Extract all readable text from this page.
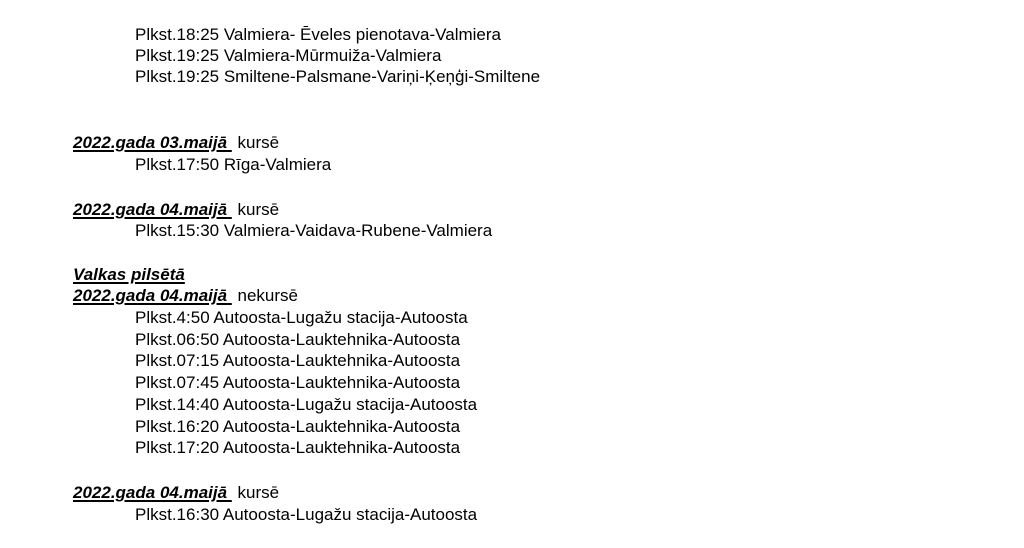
Plkst.18:25 Valmiera- Ēveles pienotava-Valmiera
Plkst.19:25 Valmiera-Mūrmuiža-Valmiera
Plkst.19:25 Smiltene-Palsmane-Variņi-Ķeņģi-Smiltene
2022.gada 03.maijā kursē
Plkst.17:50 Rīga-Valmiera
2022.gada 04.maijā kursē
Plkst.15:30 Valmiera-Vaidava-Rubene-Valmiera
Valkas pilsētā
2022.gada 04.maijā nekursē
Plkst.4:50 Autoosta-Lugažu stacija-Autoosta
Plkst.06:50 Autoosta-Lauktehnika-Autoosta
Plkst.07:15 Autoosta-Lauktehnika-Autoosta
Plkst.07:45 Autoosta-Lauktehnika-Autoosta
Plkst.14:40 Autoosta-Lugažu stacija-Autoosta
Plkst.16:20 Autoosta-Lauktehnika-Autoosta
Plkst.17:20 Autoosta-Lauktehnika-Autoosta
2022.gada 04.maijā kursē
Plkst.16:30 Autoosta-Lugažu stacija-Autoosta
